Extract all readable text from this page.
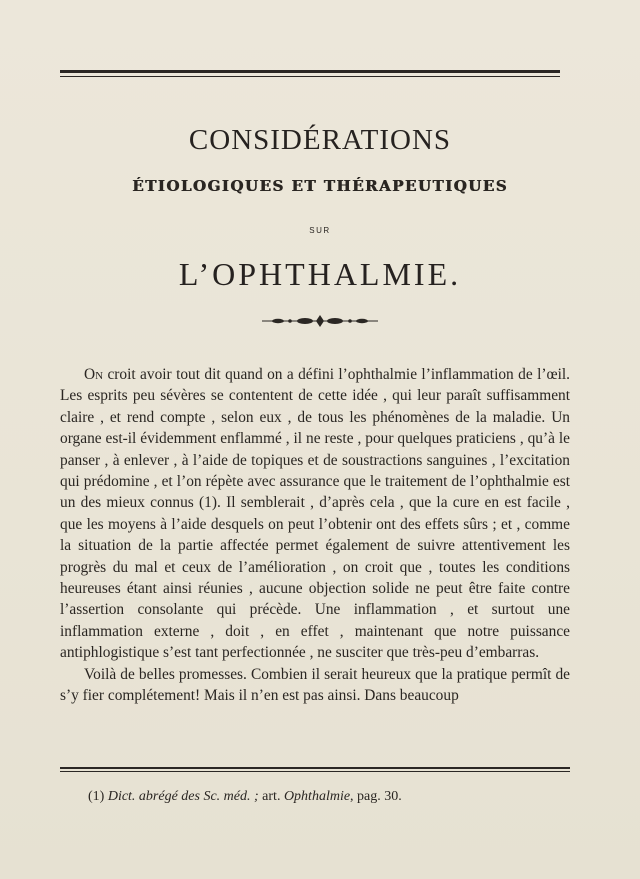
CONSIDÉRATIONS
ÉTIOLOGIQUES ET THÉRAPEUTIQUES
SUR
L’OPHTHALMIE.

On croit avoir tout dit quand on a défini l’ophthalmie l’inflammation de l’œil. Les esprits peu sévères se contentent de cette idée , qui leur paraît suffisamment claire , et rend compte , selon eux , de tous les phénomènes de la maladie. Un organe est-il évidemment enflammé , il ne reste , pour quelques praticiens , qu’à le panser , à enlever , à l’aide de topiques et de soustractions sanguines , l’excitation qui prédomine , et l’on répète avec assurance que le traitement de l’ophthalmie est un des mieux connus (1). Il semblerait , d’après cela , que la cure en est facile , que les moyens à l’aide desquels on peut l’obtenir ont des effets sûrs ; et , comme la situation de la partie affectée permet également de suivre attentivement les progrès du mal et ceux de l’amélioration , on croit que , toutes les conditions heureuses étant ainsi réunies , aucune objection solide ne peut être faite contre l’assertion consolante qui précède. Une inflammation , et surtout une inflammation externe , doit , en effet , maintenant que notre puissance antiphlogistique s’est tant perfectionnée , ne susciter que très-peu d’embarras.

Voilà de belles promesses. Combien il serait heureux que la pratique permît de s’y fier complétement! Mais il n’en est pas ainsi. Dans beaucoup

(1) Dict. abrégé des Sc. méd. ; art. Ophthalmie, pag. 30.
